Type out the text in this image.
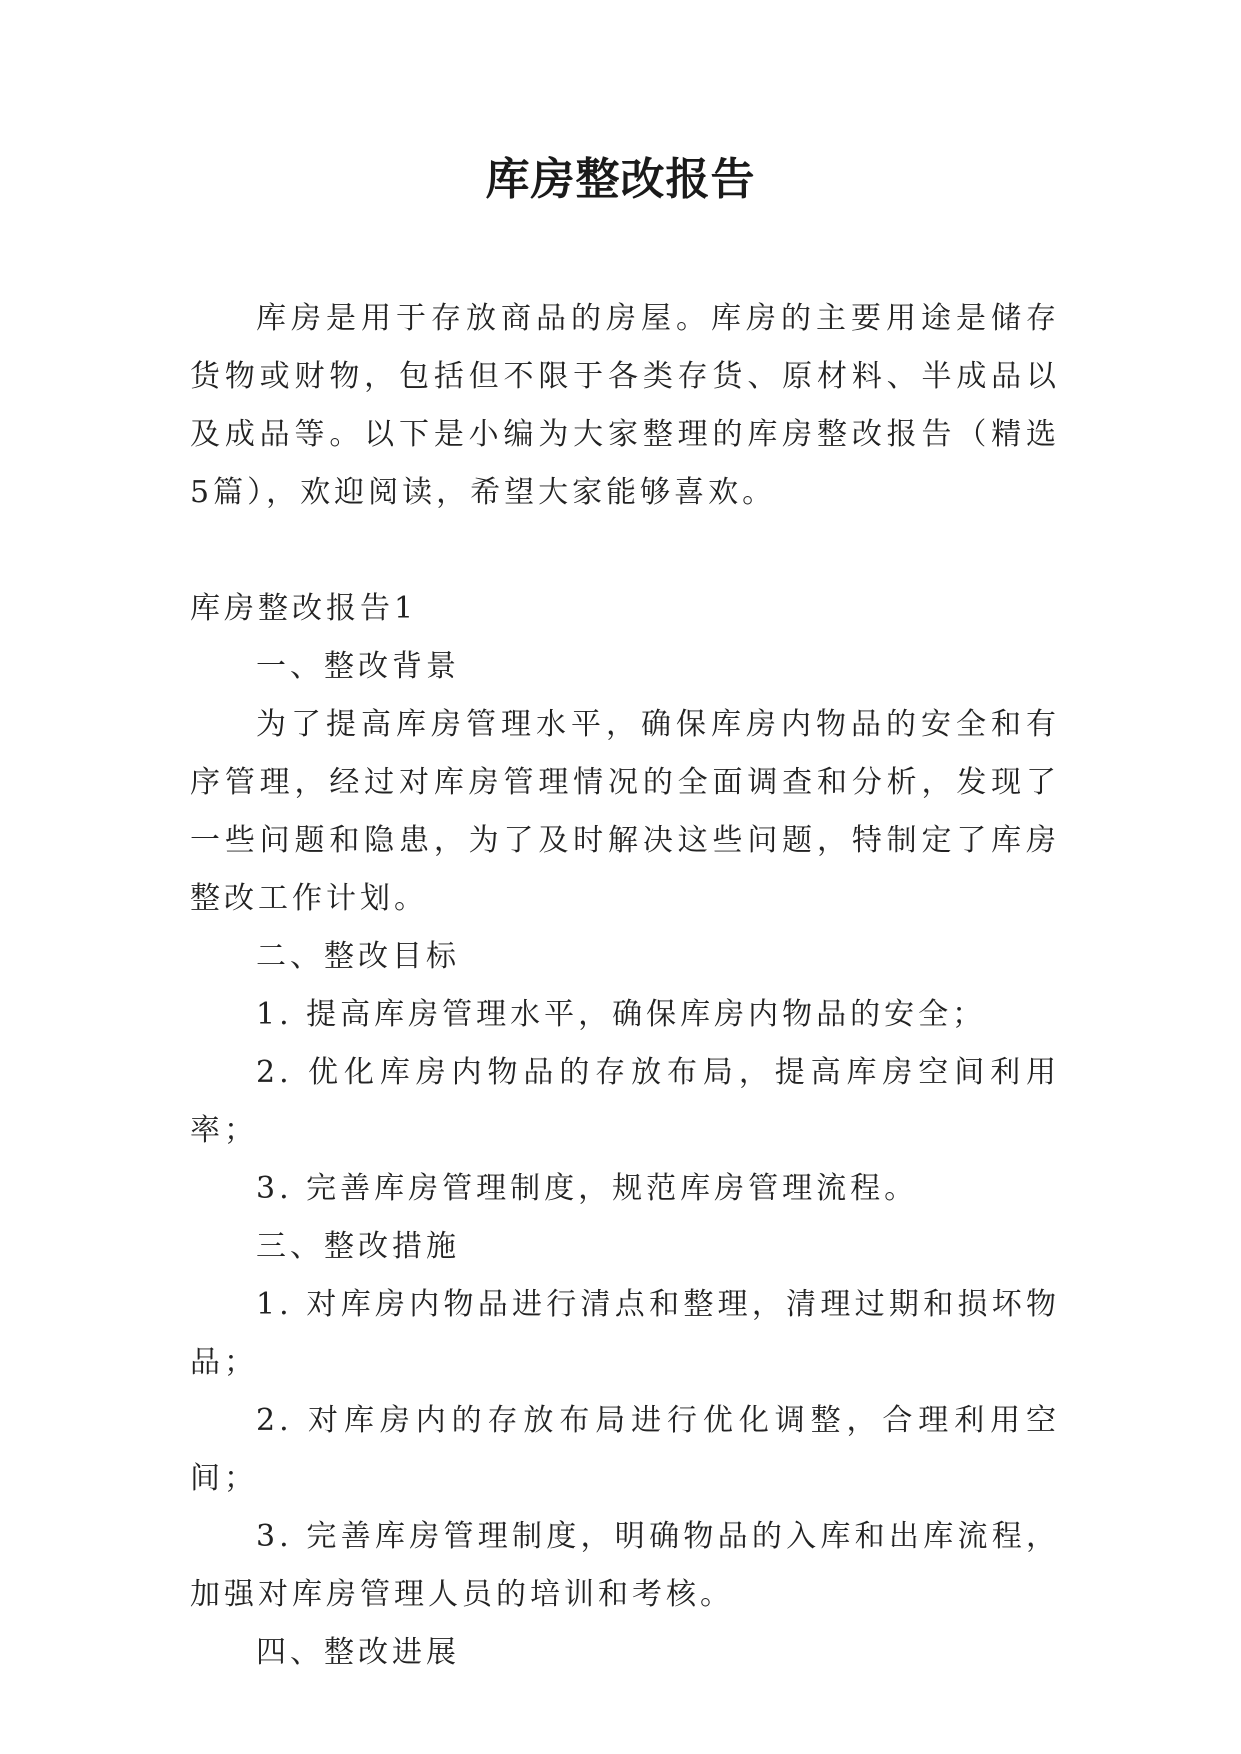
库房整改报告

库房是用于存放商品的房屋。库房的主要用途是储存货物或财物，包括但不限于各类存货、原材料、半成品以及成品等。以下是小编为大家整理的库房整改报告（精选5篇），欢迎阅读，希望大家能够喜欢。

库房整改报告1

一、整改背景

为了提高库房管理水平，确保库房内物品的安全和有序管理，经过对库房管理情况的全面调查和分析，发现了一些问题和隐患，为了及时解决这些问题，特制定了库房整改工作计划。

二、整改目标

1. 提高库房管理水平，确保库房内物品的安全；

2. 优化库房内物品的存放布局，提高库房空间利用率；

3. 完善库房管理制度，规范库房管理流程。

三、整改措施

1. 对库房内物品进行清点和整理，清理过期和损坏物品；

2. 对库房内的存放布局进行优化调整，合理利用空间；

3. 完善库房管理制度，明确物品的入库和出库流程，加强对库房管理人员的培训和考核。

四、整改进展
